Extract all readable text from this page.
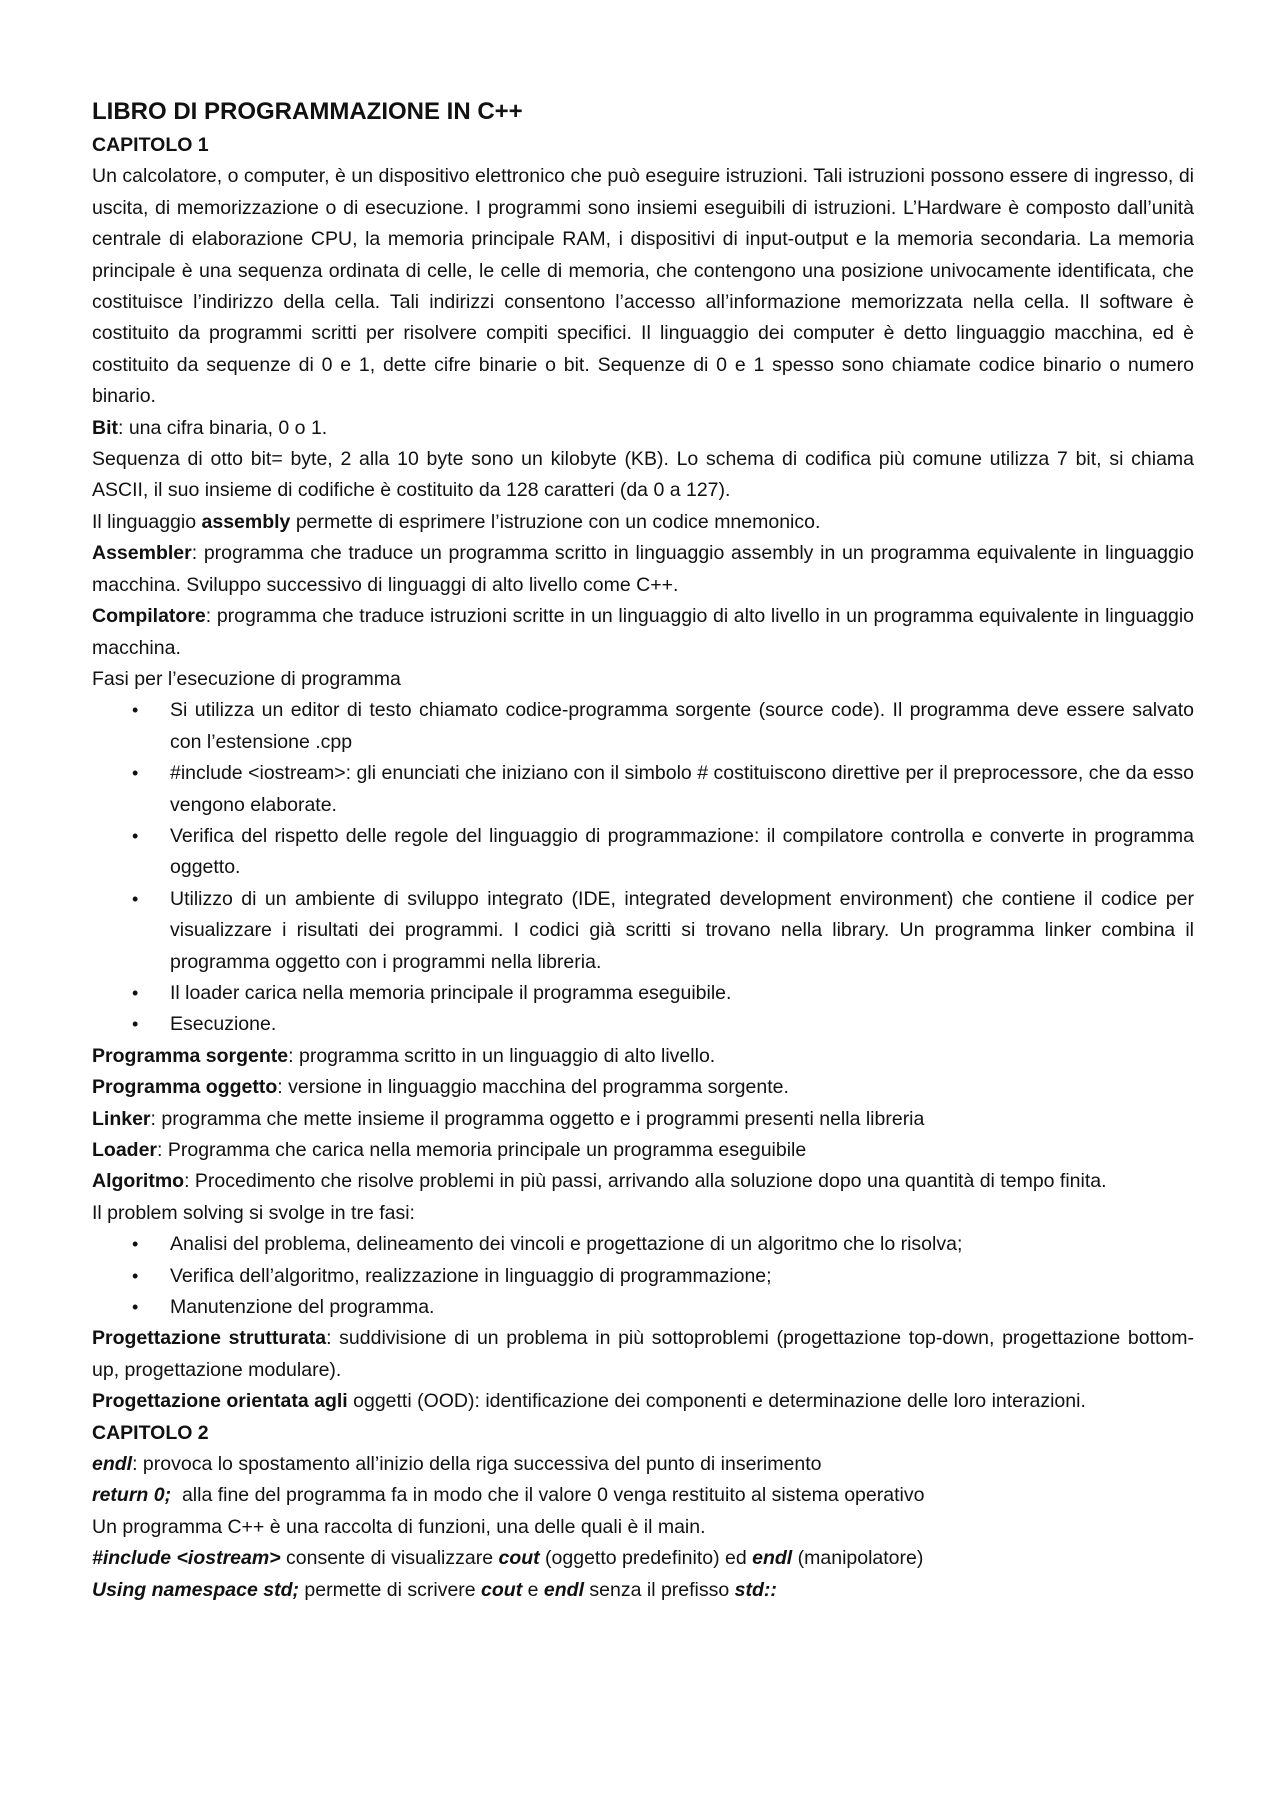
LIBRO DI PROGRAMMAZIONE IN C++
CAPITOLO 1

Un calcolatore, o computer, è un dispositivo elettronico che può eseguire istruzioni. Tali istruzioni possono essere di ingresso, di uscita, di memorizzazione o di esecuzione. I programmi sono insiemi eseguibili di istruzioni. L’Hardware è composto dall’unità centrale di elaborazione CPU, la memoria principale RAM, i dispositivi di input-output e la memoria secondaria. La memoria principale è una sequenza ordinata di celle, le celle di memoria, che contengono una posizione univocamente identificata, che costituisce l’indirizzo della cella. Tali indirizzi consentono l’accesso all’informazione memorizzata nella cella. Il software è costituito da programmi scritti per risolvere compiti specifici. Il linguaggio dei computer è detto linguaggio macchina, ed è costituito da sequenze di 0 e 1, dette cifre binarie o bit. Sequenze di 0 e 1 spesso sono chiamate codice binario o numero binario.

Bit: una cifra binaria, 0 o 1.

Sequenza di otto bit= byte, 2 alla 10 byte sono un kilobyte (KB). Lo schema di codifica più comune utilizza 7 bit, si chiama ASCII, il suo insieme di codifiche è costituito da 128 caratteri (da 0 a 127).

Il linguaggio assembly permette di esprimere l’istruzione con un codice mnemonico.

Assembler: programma che traduce un programma scritto in linguaggio assembly in un programma equivalente in linguaggio macchina. Sviluppo successivo di linguaggi di alto livello come C++.

Compilatore: programma che traduce istruzioni scritte in un linguaggio di alto livello in un programma equivalente in linguaggio macchina.

Fasi per l’esecuzione di programma

• Si utilizza un editor di testo chiamato codice-programma sorgente (source code). Il programma deve essere salvato con l’estensione .cpp
• #include <iostream>: gli enunciati che iniziano con il simbolo # costituiscono direttive per il preprocessore, che da esso vengono elaborate.
• Verifica del rispetto delle regole del linguaggio di programmazione: il compilatore controlla e converte in programma oggetto.
• Utilizzo di un ambiente di sviluppo integrato (IDE, integrated development environment) che contiene il codice per visualizzare i risultati dei programmi. I codici già scritti si trovano nella library. Un programma linker combina il programma oggetto con i programmi nella libreria.
• Il loader carica nella memoria principale il programma eseguibile.
• Esecuzione.

Programma sorgente: programma scritto in un linguaggio di alto livello.

Programma oggetto: versione in linguaggio macchina del programma sorgente.

Linker: programma che mette insieme il programma oggetto e i programmi presenti nella libreria

Loader: Programma che carica nella memoria principale un programma eseguibile

Algoritmo: Procedimento che risolve problemi in più passi, arrivando alla soluzione dopo una quantità di tempo finita.

Il problem solving si svolge in tre fasi:

• Analisi del problema, delineamento dei vincoli e progettazione di un algoritmo che lo risolva;
• Verifica dell’algoritmo, realizzazione in linguaggio di programmazione;
• Manutenzione del programma.

Progettazione strutturata: suddivisione di un problema in più sottoproblemi (progettazione top-down, progettazione bottom-up, progettazione modulare).

Progettazione orientata agli oggetti (OOD): identificazione dei componenti e determinazione delle loro interazioni.

CAPITOLO 2

endl: provoca lo spostamento all’inizio della riga successiva del punto di inserimento

return 0;  alla fine del programma fa in modo che il valore 0 venga restituito al sistema operativo

Un programma C++ è una raccolta di funzioni, una delle quali è il main.

#include <iostream> consente di visualizzare cout (oggetto predefinito) ed endl (manipolatore)

Using namespace std; permette di scrivere cout e endl senza il prefisso std::
